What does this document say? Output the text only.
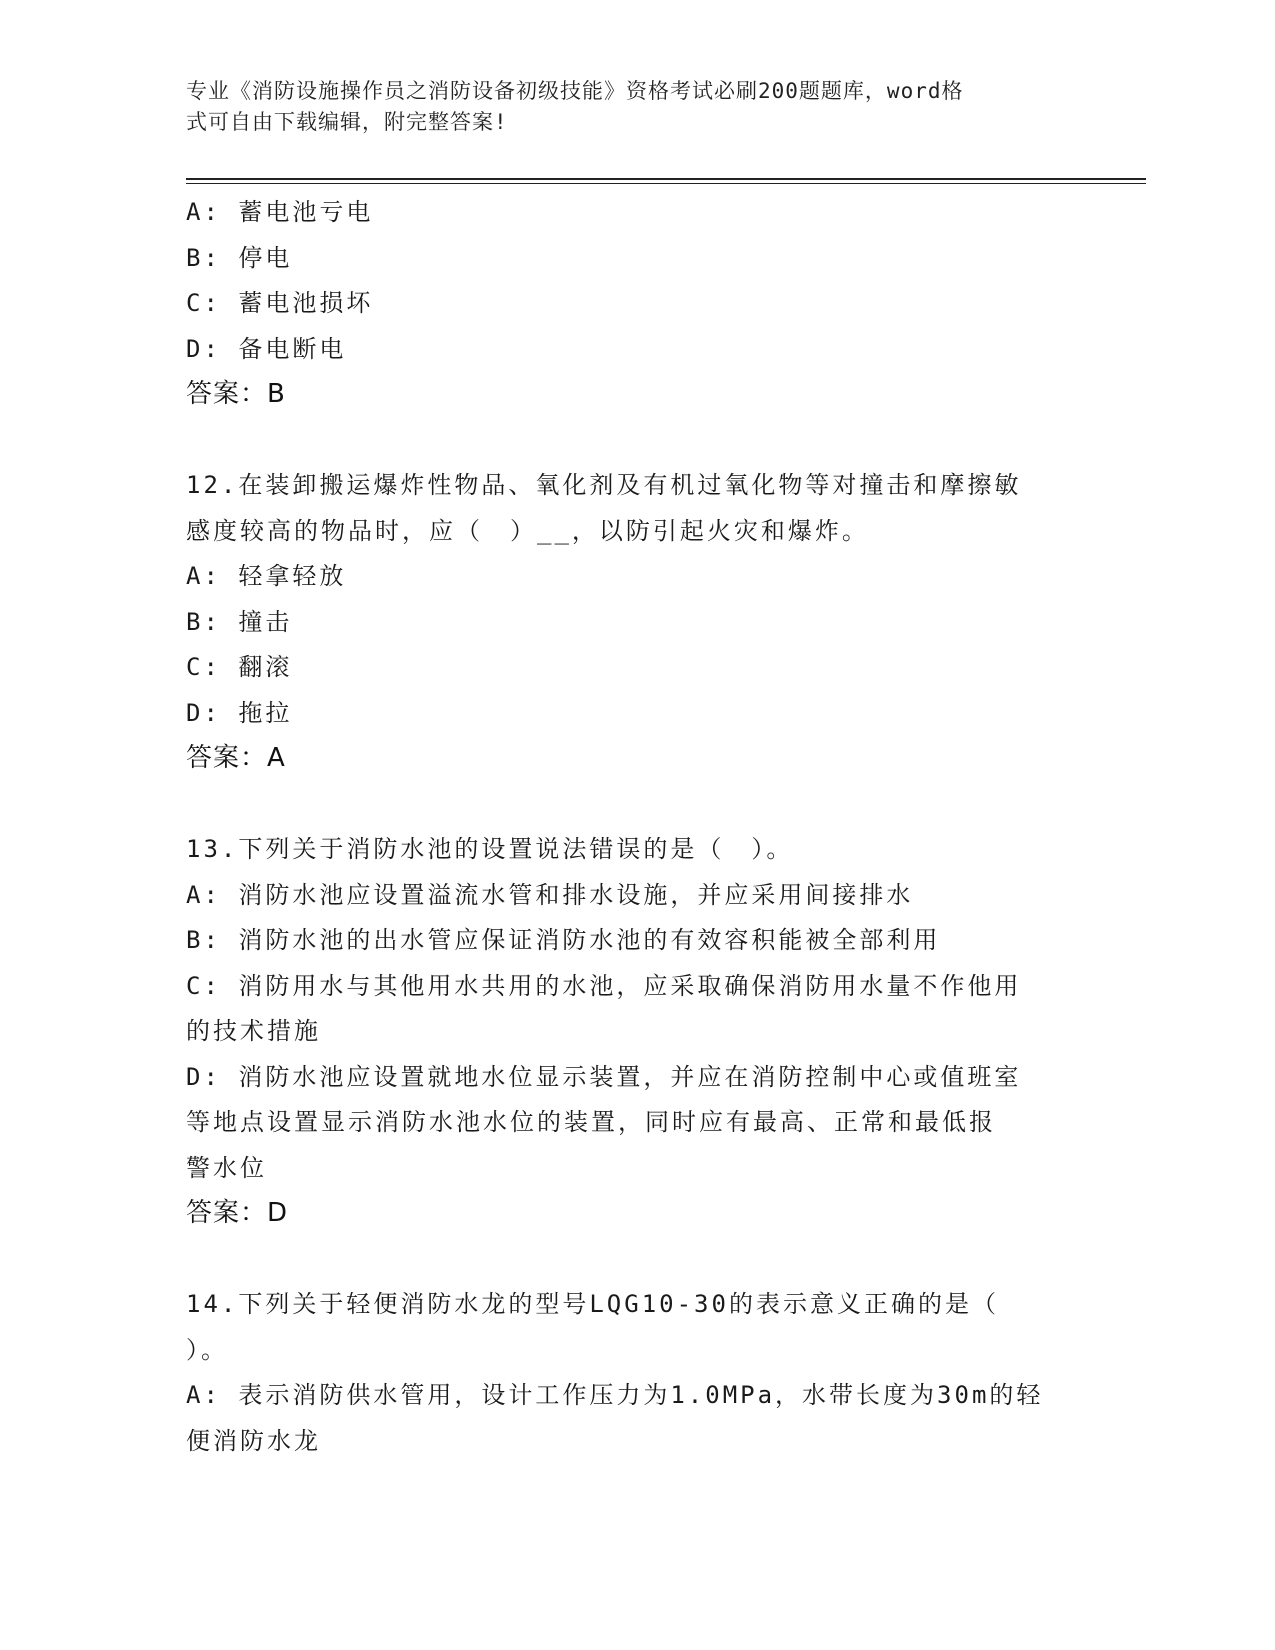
专业《消防设施操作员之消防设备初级技能》资格考试必刷200题题库，word格
式可自由下载编辑，附完整答案!
A: 蓄电池亏电
B: 停电
C: 蓄电池损坏
D: 备电断电
答案：B
12.在装卸搬运爆炸性物品、氧化剂及有机过氧化物等对撞击和摩擦敏
感度较高的物品时，应（　）__，以防引起火灾和爆炸。
A: 轻拿轻放
B: 撞击
C: 翻滚
D: 拖拉
答案：A
13.下列关于消防水池的设置说法错误的是（　）。
A: 消防水池应设置溢流水管和排水设施，并应采用间接排水
B: 消防水池的出水管应保证消防水池的有效容积能被全部利用
C: 消防用水与其他用水共用的水池，应采取确保消防用水量不作他用
的技术措施
D: 消防水池应设置就地水位显示装置，并应在消防控制中心或值班室
等地点设置显示消防水池水位的装置，同时应有最高、正常和最低报
警水位
答案：D
14.下列关于轻便消防水龙的型号LQG10-30的表示意义正确的是（
）。
A: 表示消防供水管用，设计工作压力为1.0MPa，水带长度为30m的轻
便消防水龙
